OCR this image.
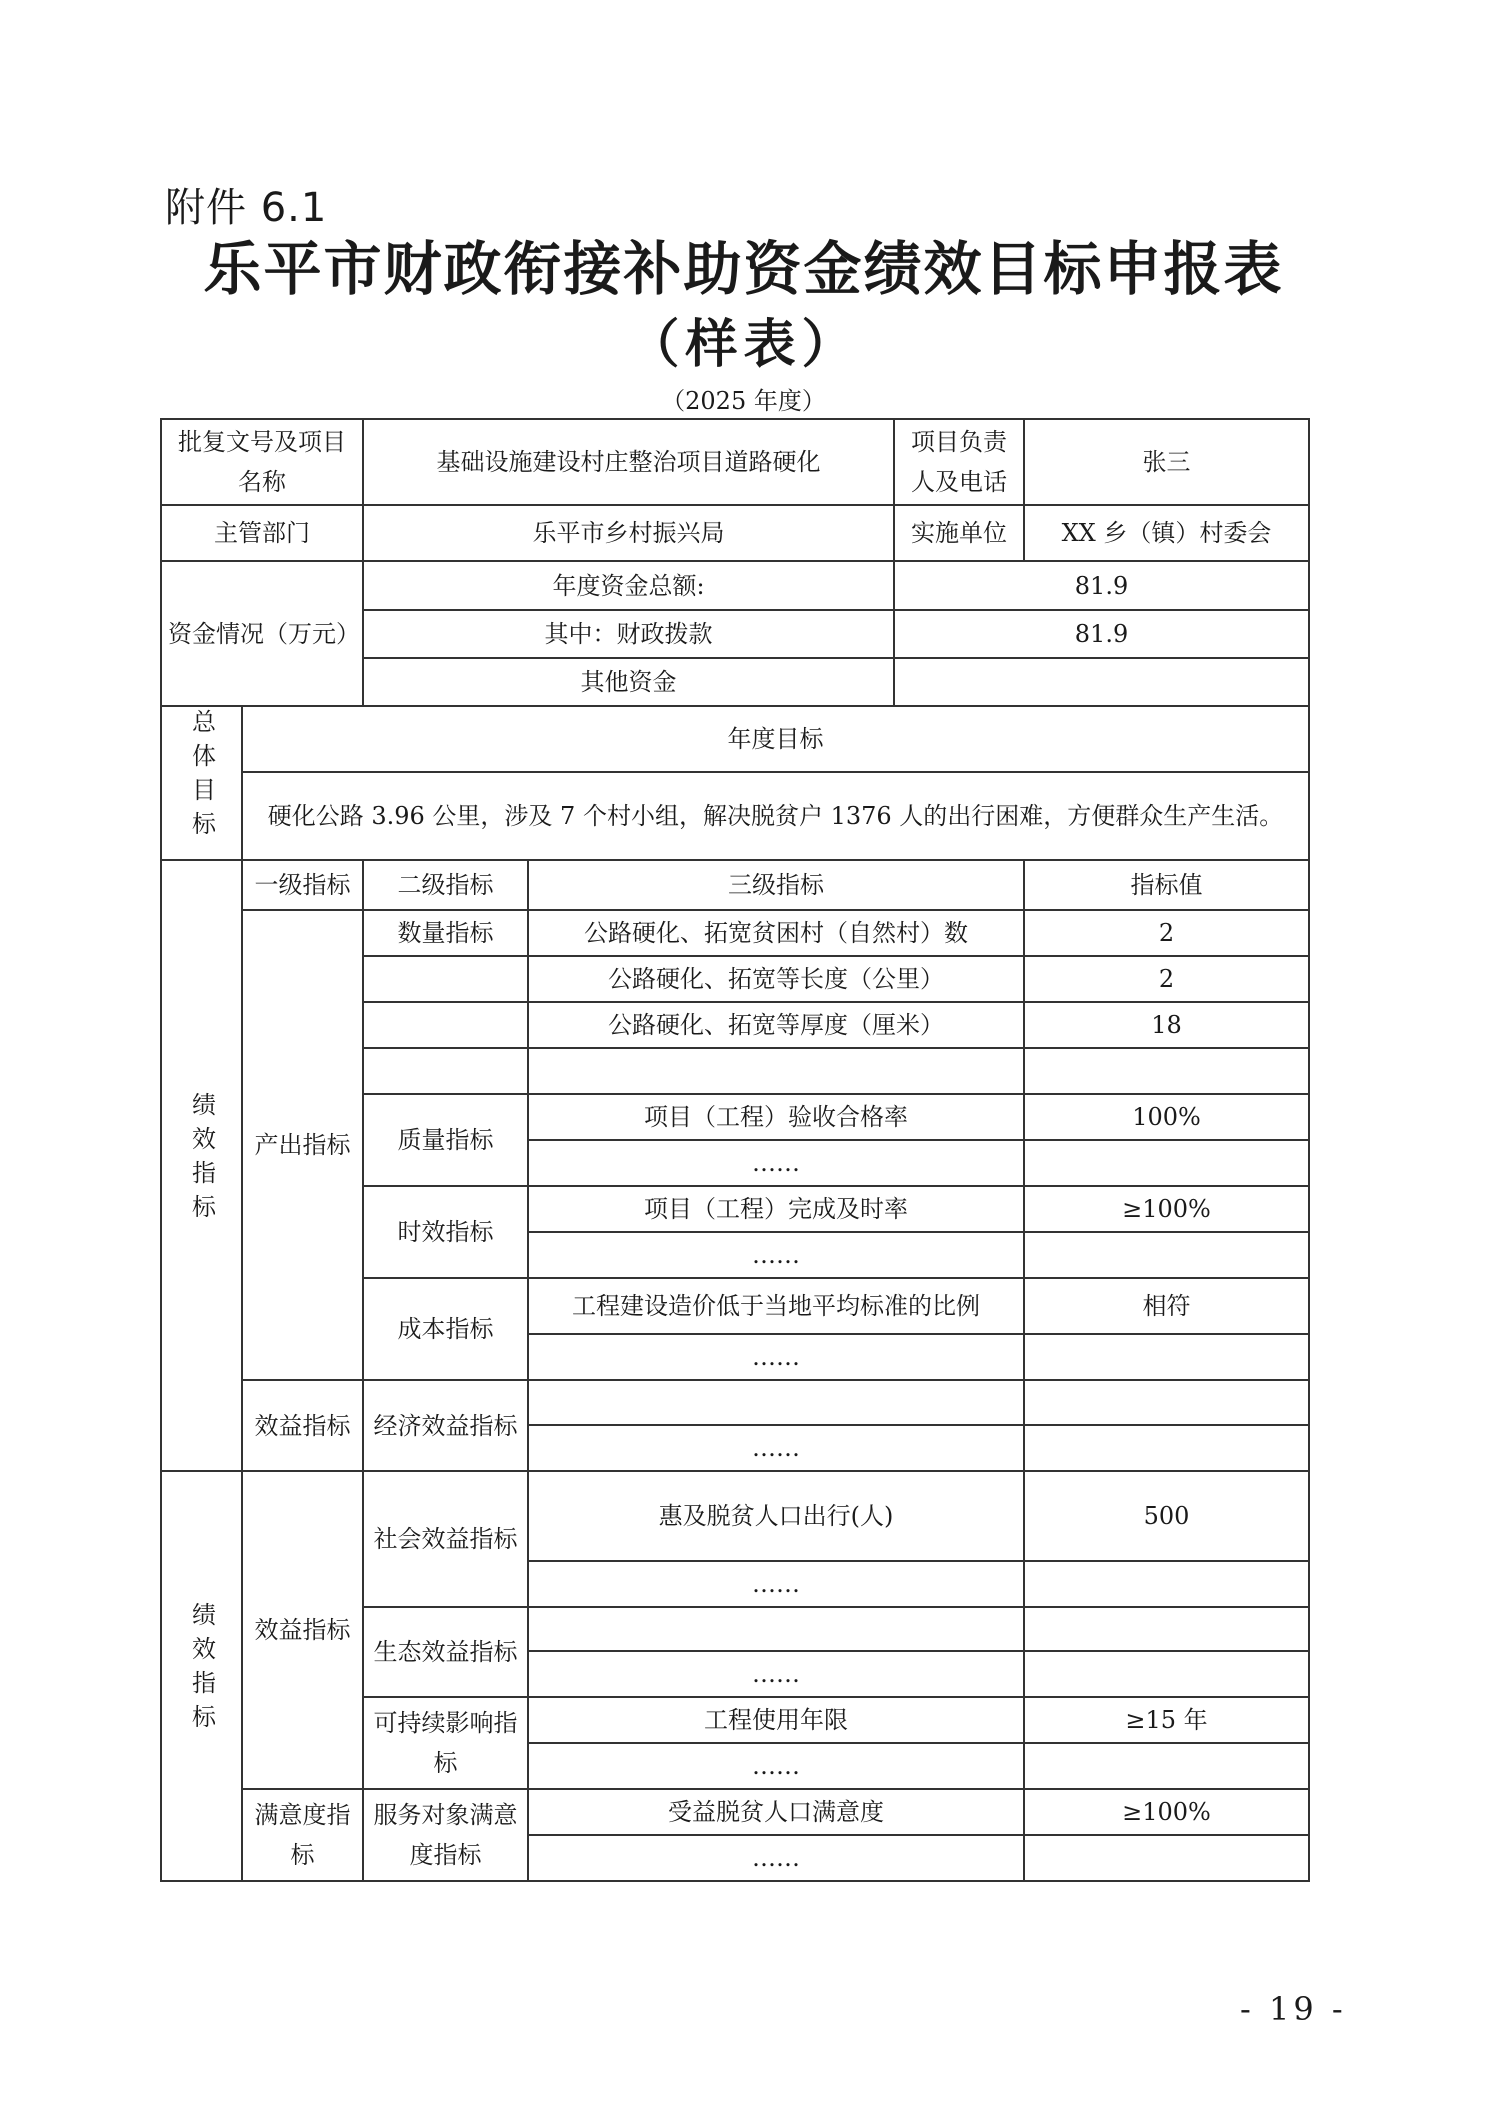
附件 6.1
乐平市财政衔接补助资金绩效目标申报表
（样表）
（2025 年度）
批复文号及项目名称		基础设施建设村庄整治项目道路硬化		项目负责人及电话	张三
主管部门		乐平市乡村振兴局		实施单位	XX 乡（镇）村委会
资金情况（万元）		年度资金总额:		81.9	
		其中：财政拨款		81.9	
		其他资金			
总体目标	年度目标				
	硬化公路 3.96 公里，涉及 7 个村小组，解决脱贫户 1376 人的出行困难，方便群众生产生活。				
绩效指标	一级指标	二级指标	三级指标		指标值
	产出指标	数量指标	公路硬化、拓宽贫困村（自然村）数		2
			公路硬化、拓宽等长度（公里）		2
			公路硬化、拓宽等厚度（厘米）		18

		质量指标	项目（工程）验收合格率		100%
			……		
		时效指标	项目（工程）完成及时率		≥100%
			……		
		成本指标	工程建设造价低于当地平均标准的比例		相符
			……		
	效益指标	经济效益指标			
			……		
绩效指标	效益指标	社会效益指标	惠及脱贫人口出行(人)		500
			……		
		生态效益指标			
			……		
		可持续影响指标	工程使用年限		≥15 年
			……		
	满意度指标	服务对象满意度指标	受益脱贫人口满意度		≥100%
			……		
- 19 -
